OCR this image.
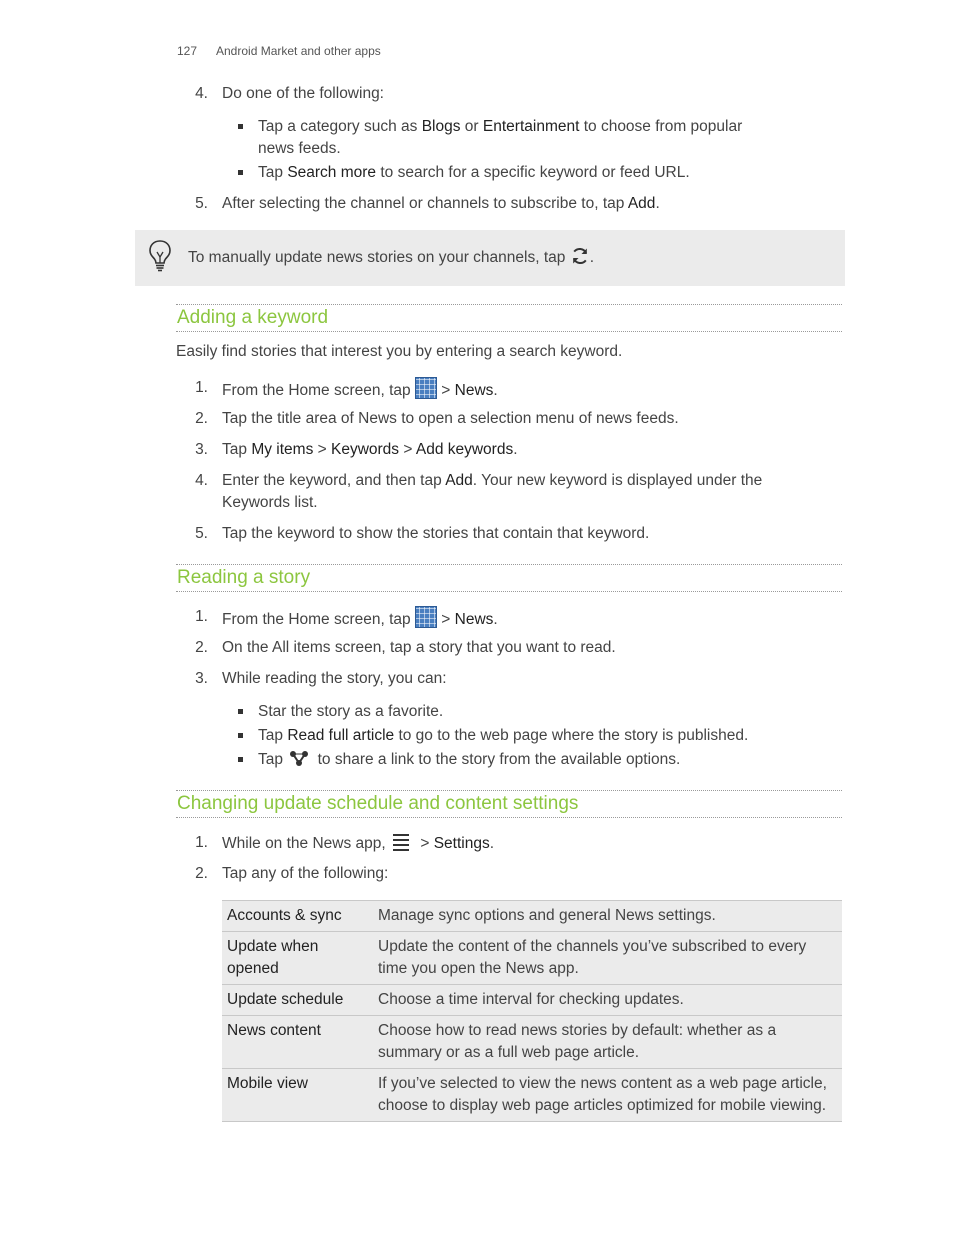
127 Android Market and other apps
4. Do one of the following:
Tap a category such as Blogs or Entertainment to choose from popular
news feeds.
Tap Search more to search for a specific keyword or feed URL.
5. After selecting the channel or channels to subscribe to, tap Add.
To manually update news stories on your channels, tap .
Adding a keyword
Easily find stories that interest you by entering a search keyword.
1. From the Home screen, tap  > News.
2. Tap the title area of News to open a selection menu of news feeds.
3. Tap My items > Keywords > Add keywords.
4. Enter the keyword, and then tap Add. Your new keyword is displayed under the
Keywords list.
5. Tap the keyword to show the stories that contain that keyword.
Reading a story
1. From the Home screen, tap  > News.
2. On the All items screen, tap a story that you want to read.
3. While reading the story, you can:
Star the story as a favorite.
Tap Read full article to go to the web page where the story is published.
Tap  to share a link to the story from the available options.
Changing update schedule and content settings
1. While on the News app,  > Settings.
2. Tap any of the following:
Accounts & sync	Manage sync options and general News settings.
Update when opened	Update the content of the channels you’ve subscribed to every time you open the News app.
Update schedule	Choose a time interval for checking updates.
News content	Choose how to read news stories by default: whether as a summary or as a full web page article.
Mobile view	If you’ve selected to view the news content as a web page article, choose to display web page articles optimized for mobile viewing.
